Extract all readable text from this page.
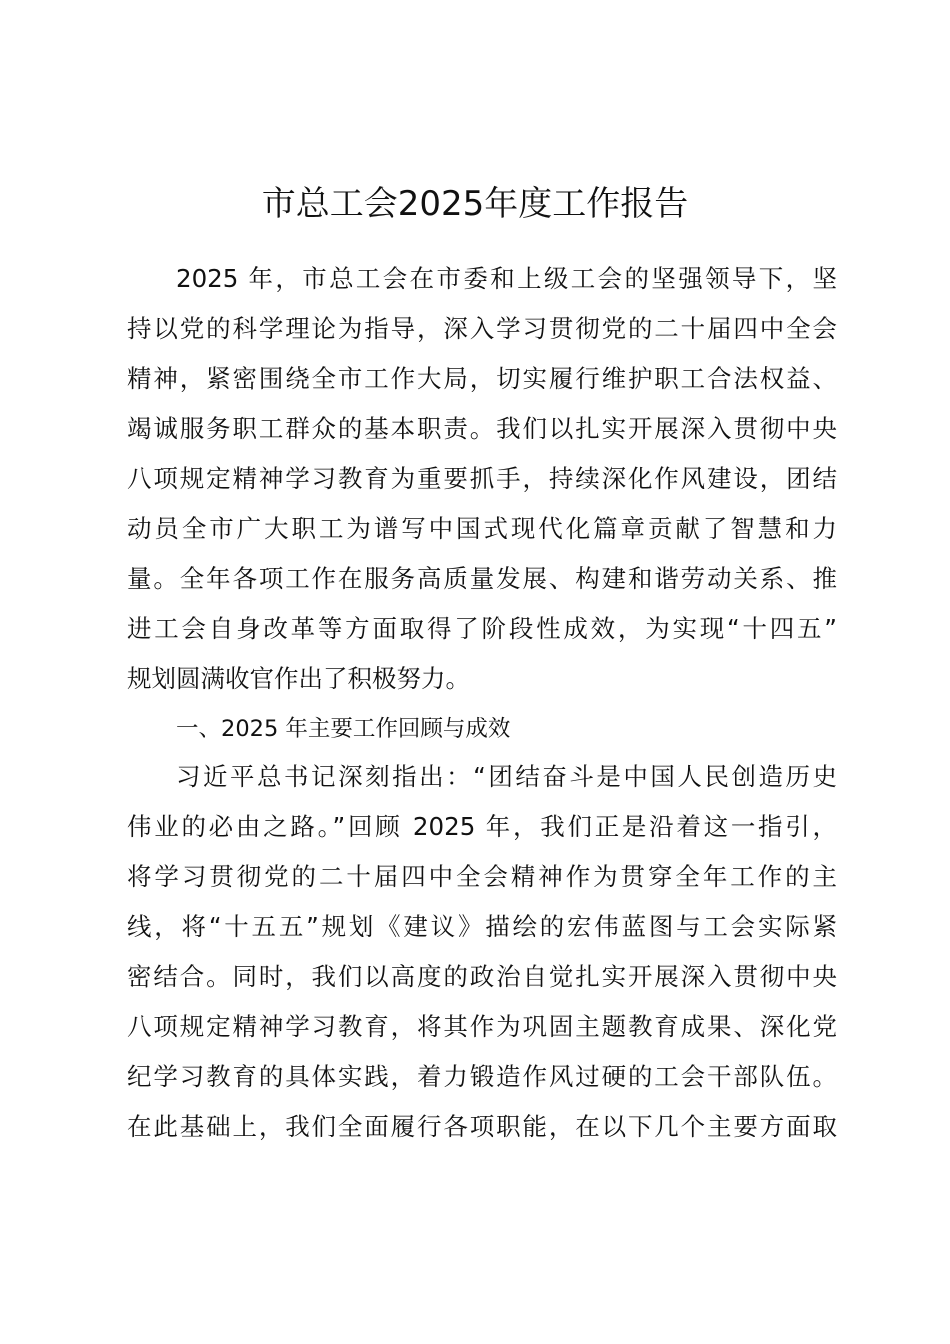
市总工会2025年度工作报告
2025 年，市总工会在市委和上级工会的坚强领导下，坚
持以党的科学理论为指导，深入学习贯彻党的二十届四中全会
精神，紧密围绕全市工作大局，切实履行维护职工合法权益、
竭诚服务职工群众的基本职责。我们以扎实开展深入贯彻中央
八项规定精神学习教育为重要抓手，持续深化作风建设，团结
动员全市广大职工为谱写中国式现代化篇章贡献了智慧和力
量。全年各项工作在服务高质量发展、构建和谐劳动关系、推
进工会自身改革等方面取得了阶段性成效，为实现“十四五”
规划圆满收官作出了积极努力。
一、2025 年主要工作回顾与成效
习近平总书记深刻指出：“团结奋斗是中国人民创造历史
伟业的必由之路。”回顾 2025 年，我们正是沿着这一指引，
将学习贯彻党的二十届四中全会精神作为贯穿全年工作的主
线，将“十五五”规划《建议》描绘的宏伟蓝图与工会实际紧
密结合。同时，我们以高度的政治自觉扎实开展深入贯彻中央
八项规定精神学习教育，将其作为巩固主题教育成果、深化党
纪学习教育的具体实践，着力锻造作风过硬的工会干部队伍。
在此基础上，我们全面履行各项职能，在以下几个主要方面取
